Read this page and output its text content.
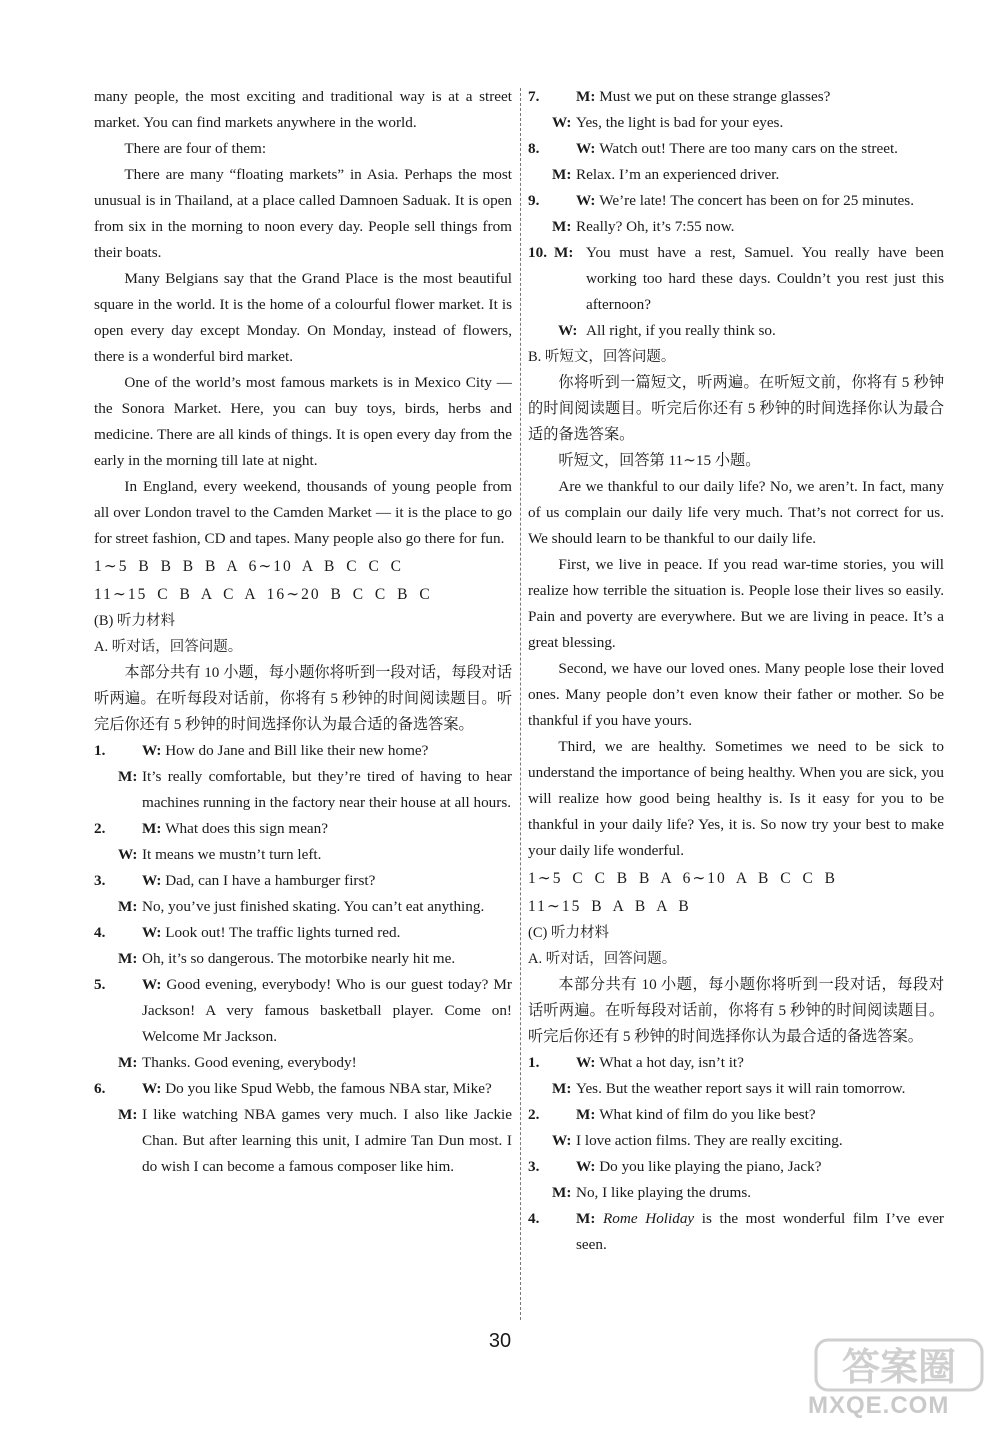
many people, the most exciting and traditional way is at a street market. You can find markets anywhere in the world.

There are four of them:

There are many “floating markets” in Asia. Perhaps the most unusual is in Thailand, at a place called Damnoen Saduak. It is open from six in the morning to noon every day. People sell things from their boats.

Many Belgians say that the Grand Place is the most beautiful square in the world. It is the home of a colourful flower market. It is open every day except Monday. On Monday, instead of flowers, there is a wonderful bird market.

One of the world’s most famous markets is in Mexico City — the Sonora Market. Here, you can buy toys, birds, herbs and medicine. There are all kinds of things. It is open every day from the early in the morning till late at night.

In England, every weekend, thousands of young people from all over London travel to the Camden Market — it is the place to go for street fashion, CD and tapes. Many people also go there for fun.

1∼5 B B B B A 6∼10 A B C C C

11∼15 C B A C A 16∼20 B C C B C

(B) 听力材料

A. 听对话，回答问题。

本部分共有 10 小题，每小题你将听到一段对话，每段对话听两遍。在听每段对话前，你将有 5 秒钟的时间阅读题目。听完后你还有 5 秒钟的时间选择你认为最合适的备选答案。

1. W: How do Jane and Bill like their new home?
M: It’s really comfortable, but they’re tired of having to hear machines running in the factory near their house at all hours.
2. M: What does this sign mean?
W: It means we mustn’t turn left.
3. W: Dad, can I have a hamburger first?
M: No, you’ve just finished skating. You can’t eat anything.
4. W: Look out! The traffic lights turned red.
M: Oh, it’s so dangerous. The motorbike nearly hit me.
5. W: Good evening, everybody! Who is our guest today? Mr Jackson! A very famous basketball player. Come on! Welcome Mr Jackson.
M: Thanks. Good evening, everybody!
6. W: Do you like Spud Webb, the famous NBA star, Mike?
M: I like watching NBA games very much. I also like Jackie Chan. But after learning this unit, I admire Tan Dun most. I do wish I can become a famous composer like him.
7. M: Must we put on these strange glasses?
W: Yes, the light is bad for your eyes.
8. W: Watch out! There are too many cars on the street.
M: Relax. I’m an experienced driver.
9. W: We’re late! The concert has been on for 25 minutes.
M: Really? Oh, it’s 7:55 now.
10. M: You must have a rest, Samuel. You really have been working too hard these days. Couldn’t you rest just this afternoon?
W: All right, if you really think so.

B. 听短文，回答问题。

你将听到一篇短文，听两遍。在听短文前，你将有 5 秒钟的时间阅读题目。听完后你还有 5 秒钟的时间选择你认为最合适的备选答案。

听短文，回答第 11∼15 小题。

Are we thankful to our daily life? No, we aren’t. In fact, many of us complain our daily life very much. That’s not correct for us. We should learn to be thankful to our daily life.

First, we live in peace. If you read war-time stories, you will realize how terrible the situation is. People lose their lives so easily. Pain and poverty are everywhere. But we are living in peace. It’s a great blessing.

Second, we have our loved ones. Many people lose their loved ones. Many people don’t even know their father or mother. So be thankful if you have yours.

Third, we are healthy. Sometimes we need to be sick to understand the importance of being healthy. When you are sick, you will realize how good being healthy is. Is it easy for you to be thankful in your daily life? Yes, it is. So now try your best to make your daily life wonderful.

1∼5 C C B B A 6∼10 A B C C B

11∼15 B A B A B

(C) 听力材料

A. 听对话，回答问题。

本部分共有 10 小题，每小题你将听到一段对话，每段对话听两遍。在听每段对话前，你将有 5 秒钟的时间阅读题目。听完后你还有 5 秒钟的时间选择你认为最合适的备选答案。

1. W: What a hot day, isn’t it?
M: Yes. But the weather report says it will rain tomorrow.
2. M: What kind of film do you like best?
W: I love action films. They are really exciting.
3. W: Do you like playing the piano, Jack?
M: No, I like playing the drums.
4. M: Rome Holiday is the most wonderful film I’ve ever seen.
30
答案圈
MXQE.COM
